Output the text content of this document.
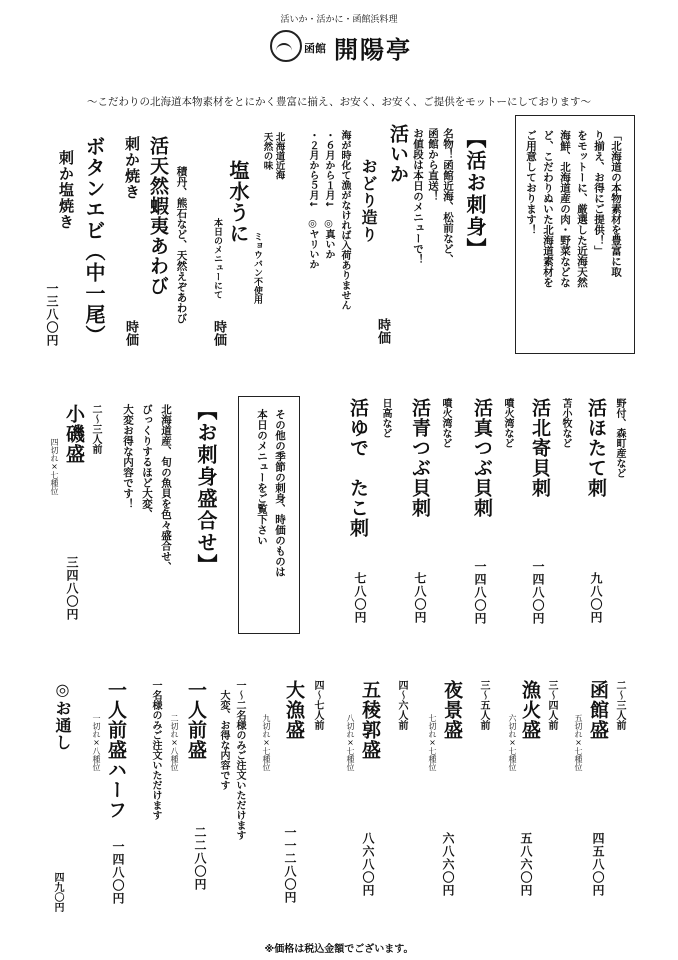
活いか・活かに・函館浜料理
函館 開陽亭
〜こだわりの北海道本物素材をとにかく豊富に揃え、お安く、お安く、ご提供をモットーにしております〜
「北海道の本物素材を豊富に取
り揃え、お得にご提供！」
をモットーに、厳選した近海天然
海鮮、北海道産の肉・野菜などな
ど、こだわりぬいた北海道素材を
ご用意しております！
【活お刺身】
名物！函館近海、松前など、
函館から直送！
お値段は本日のメニューで！
活いか
おどり造り
海が時化て漁がなければ入荷ありません
・６月から１月↓　◎真いか
・２月から５月↓　◎ヤリいか
時価
北海道近海
天然の味
塩水うに
ミョウバン不使用
本日のメニューにて
時価
積丹、熊石など、天然えぞあわび
活天然蝦夷あわび
刺か焼き
時価
ボタンエビ（中一尾）
刺か塩焼き
一三八〇円
野付、森町産など
活ほたて刺
九八〇円
苫小牧など
活北寄貝刺
一四八〇円
噴火湾など
活真つぶ貝刺
一四八〇円
噴火湾など
活青つぶ貝刺
七八〇円
日高など
活ゆで　たこ刺
七八〇円
その他の季節の刺身、時価のものは
本日のメニューをご覧下さい
【お刺身盛合せ】
北海道産、旬の魚貝を色々盛合せ、
びっくりするほど大変、
大変お得な内容です！
二〜三人前
小磯盛
四切れ×七種位
三四八〇円
二〜三人前
函館盛
五切れ×七種位
四五八〇円
三〜四人前
漁火盛
六切れ×七種位
五八六〇円
三〜五人前
夜景盛
七切れ×七種位
六八六〇円
四〜六人前
五稜郭盛
八切れ×七種位
八六八〇円
四〜七人前
大漁盛
九切れ×七種位
一一二八〇円
一〜二名様のみご注文いただけます
大変、お得な内容です
一人前盛
二切れ×八種位
二二八〇円
一名様のみご注文いただけます
一人前盛ハーフ
一切れ×八種位
一四八〇円
◎お通し
四九〇円
※価格は税込金額でございます。
